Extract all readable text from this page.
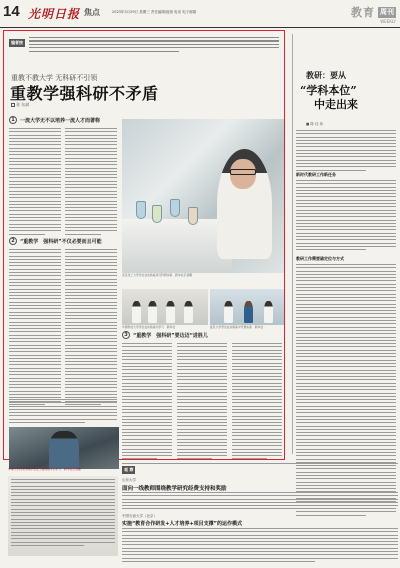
14 光明日报 焦点	2023年3月29日 星期三 责任编辑/组版 电话 电子邮箱	教育 周刊
WEEKLY
编者按
重教不教大学 无科研不引领
重教学强科研不矛盾
张 东斌
1	一流大学无不以培养一流人才而著称
2	“重教学　强科研”不仅必要而且可能
北京化工大学学生在实验室进行科研实验　新华社记者摄
中国科技大学学生在实验室中学习　新华社	复旦大学学生在实验室中开展实验　新华社
3	“重教学　强科研”要边迈“进胜儿
中南大学机电学院学生在工程训练中心学习　新华社记者摄
教研：要从
“学科本位”
中走出来
■ 陈 佳 伟
新时代教研工作新任务
教研工作需要确定位与方式
观 察
山东大学
面向一线教师围绕教学研究经费支持和奖励
中国石油大学（北京）
实施“教育合作研发+人才培养+项目支撑”的运作模式
